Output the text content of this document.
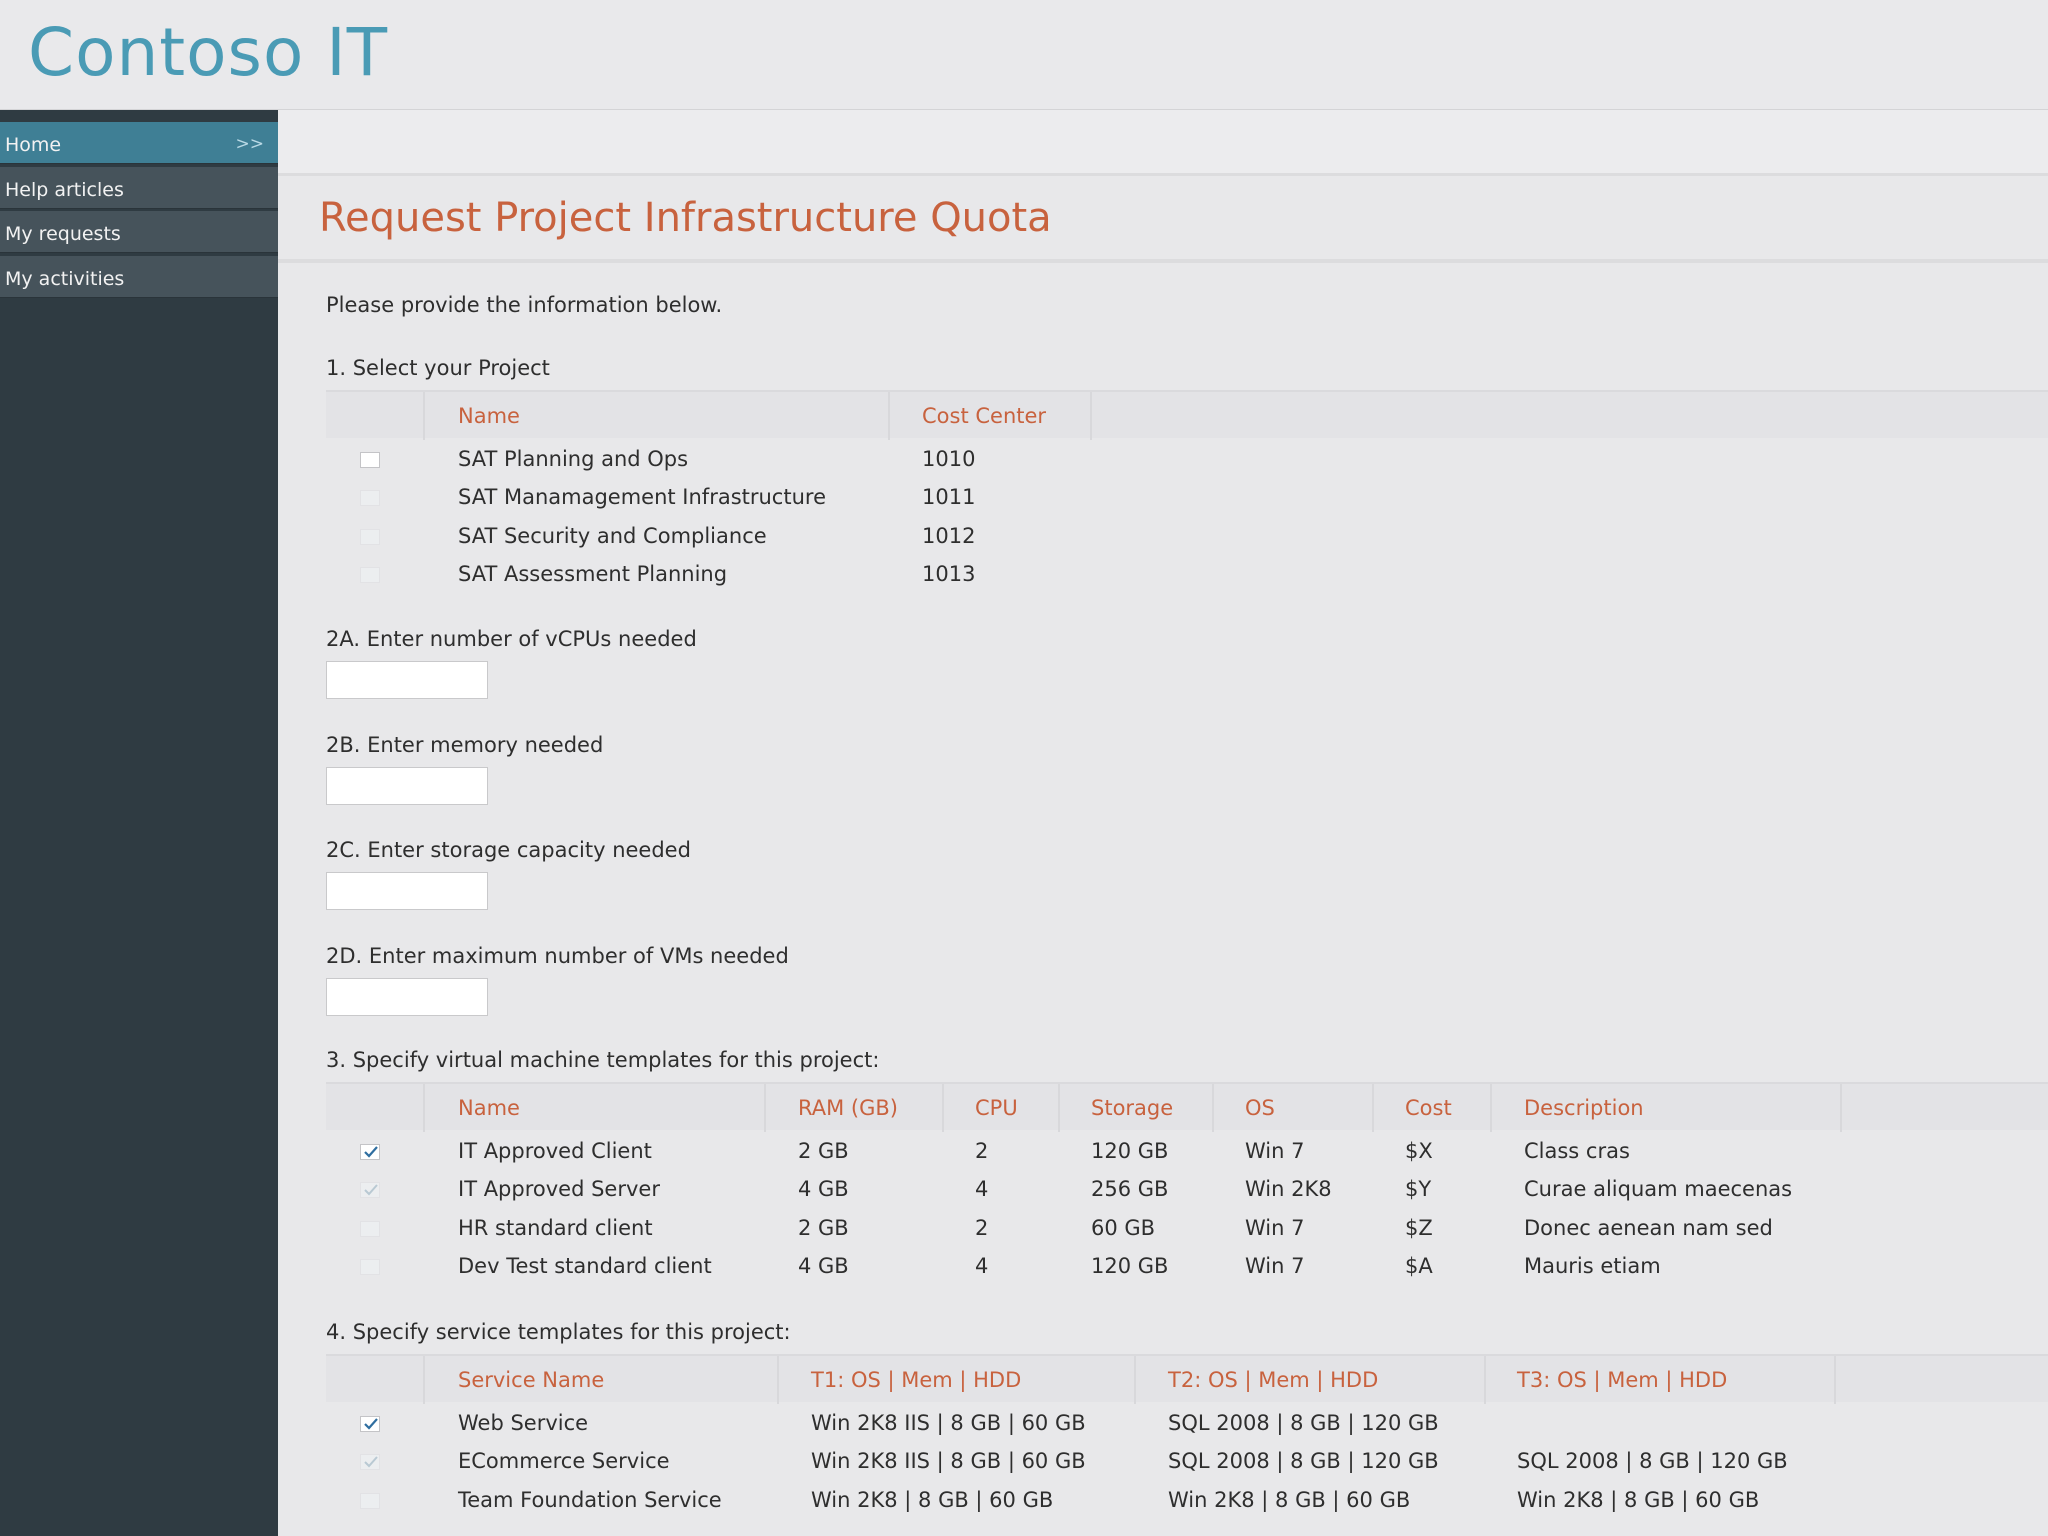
Contoso IT
Home	>>
Help articles
My requests
My activities
Request Project Infrastructure Quota
Please provide the information below.
1. Select your Project
Name	Cost Center
SAT Planning and Ops	1010
SAT Manamagement Infrastructure	1011
SAT Security and Compliance	1012
SAT Assessment Planning	1013
2A. Enter number of vCPUs needed
2B. Enter memory needed
2C. Enter storage capacity needed
2D. Enter maximum number of VMs needed
3. Specify virtual machine templates for this project:
Name	RAM (GB)	CPU	Storage	OS	Cost	Description
IT Approved Client	2 GB	2	120 GB	Win 7	$X	Class cras
IT Approved Server	4 GB	4	256 GB	Win 2K8	$Y	Curae aliquam maecenas
HR standard client	2 GB	2	60 GB	Win 7	$Z	Donec aenean nam sed
Dev Test standard client	4 GB	4	120 GB	Win 7	$A	Mauris etiam
4. Specify service templates for this project:
Service Name	T1: OS | Mem | HDD	T2: OS | Mem | HDD	T3: OS | Mem | HDD
Web Service	Win 2K8 IIS | 8 GB | 60 GB	SQL 2008 | 8 GB | 120 GB
ECommerce Service	Win 2K8 IIS | 8 GB | 60 GB	SQL 2008 | 8 GB | 120 GB	SQL 2008 | 8 GB | 120 GB
Team Foundation Service	Win 2K8 | 8 GB | 60 GB	Win 2K8 | 8 GB | 60 GB	Win 2K8 | 8 GB | 60 GB
